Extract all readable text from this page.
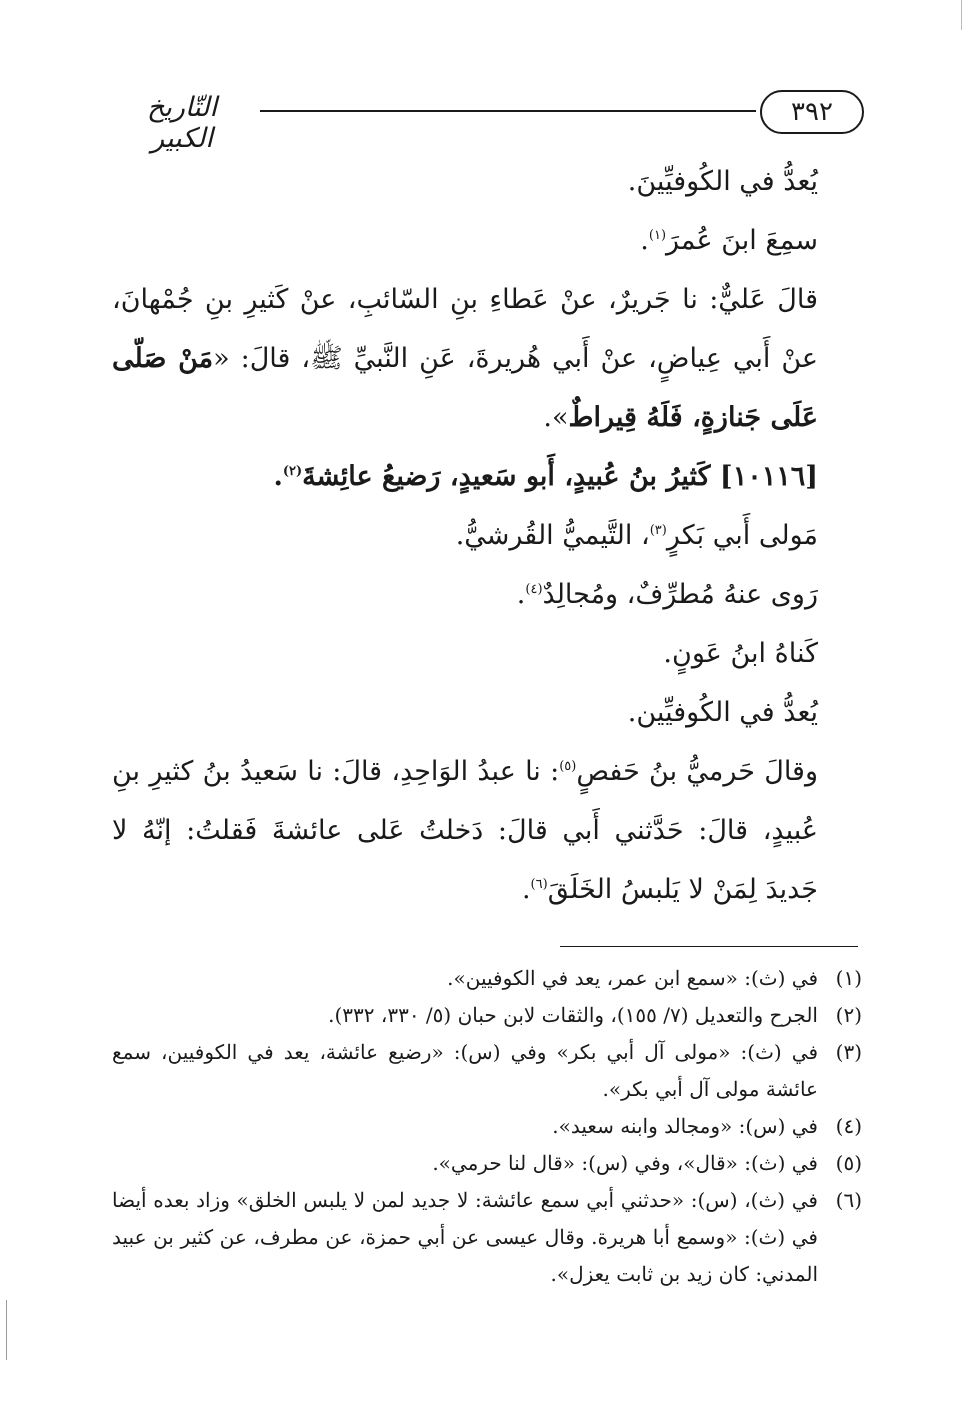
٣٩٢
التّاريخ الكبير

يُعدُّ في الكُوفيِّينَ.

سمِعَ ابنَ عُمرَ$^{(١)}$.

قالَ عَليٌّ: نا جَريرٌ، عنْ عَطاءِ بنِ السّائبِ، عنْ كَثيرِ بنِ جُمْهانَ، عنْ أَبي عِياضٍ، عنْ أَبي هُريرةَ، عَنِ النَّبيِّ ﷺ، قالَ: «مَنْ صَلّى عَلَى جَنازةٍ، فَلَهُ قِيراطٌ».

[١٠١١٦] كَثيرُ بنُ عُبيدٍ، أَبو سَعيدٍ، رَضيعُ عائِشةَ$^{(٢)}$.

مَولى أَبي بَكرٍ$^{(٣)}$، التَّيميُّ القُرشيُّ.

رَوى عنهُ مُطرِّفٌ، ومُجالِدٌ$^{(٤)}$.

كَناهُ ابنُ عَونٍ.

يُعدُّ في الكُوفيِّين.

وقالَ حَرميُّ بنُ حَفصٍ$^{(٥)}$: نا عبدُ الوَاحِدِ، قالَ: نا سَعيدُ بنُ كثيرِ بنِ عُبيدٍ، قالَ: حَدَّثني أَبي قالَ: دَخلتُ عَلى عائشةَ فَقلتُ: إنّهُ لا جَديدَ لِمَنْ لا يَلبسُ الخَلَقَ$^{(٦)}$.

(١)
في (ث): «سمع ابن عمر، يعد في الكوفيين».
(٢)
الجرح والتعديل (٧/ ١٥٥)، والثقات لابن حبان (٥/ ٣٣٠، ٣٣٢).
(٣)
في (ث): «مولى آل أبي بكر» وفي (س): «رضيع عائشة، يعد في الكوفيين، سمع عائشة مولى آل أبي بكر».
(٤)
في (س): «ومجالد وابنه سعيد».
(٥)
في (ث): «قال»، وفي (س): «قال لنا حرمي».
(٦)
في (ث)، (س): «حدثني أبي سمع عائشة: لا جديد لمن لا يلبس الخلق» وزاد بعده أيضا في (ث): «وسمع أبا هريرة. وقال عيسى عن أبي حمزة، عن مطرف، عن كثير بن عبيد المدني: كان زيد بن ثابت يعزل».
